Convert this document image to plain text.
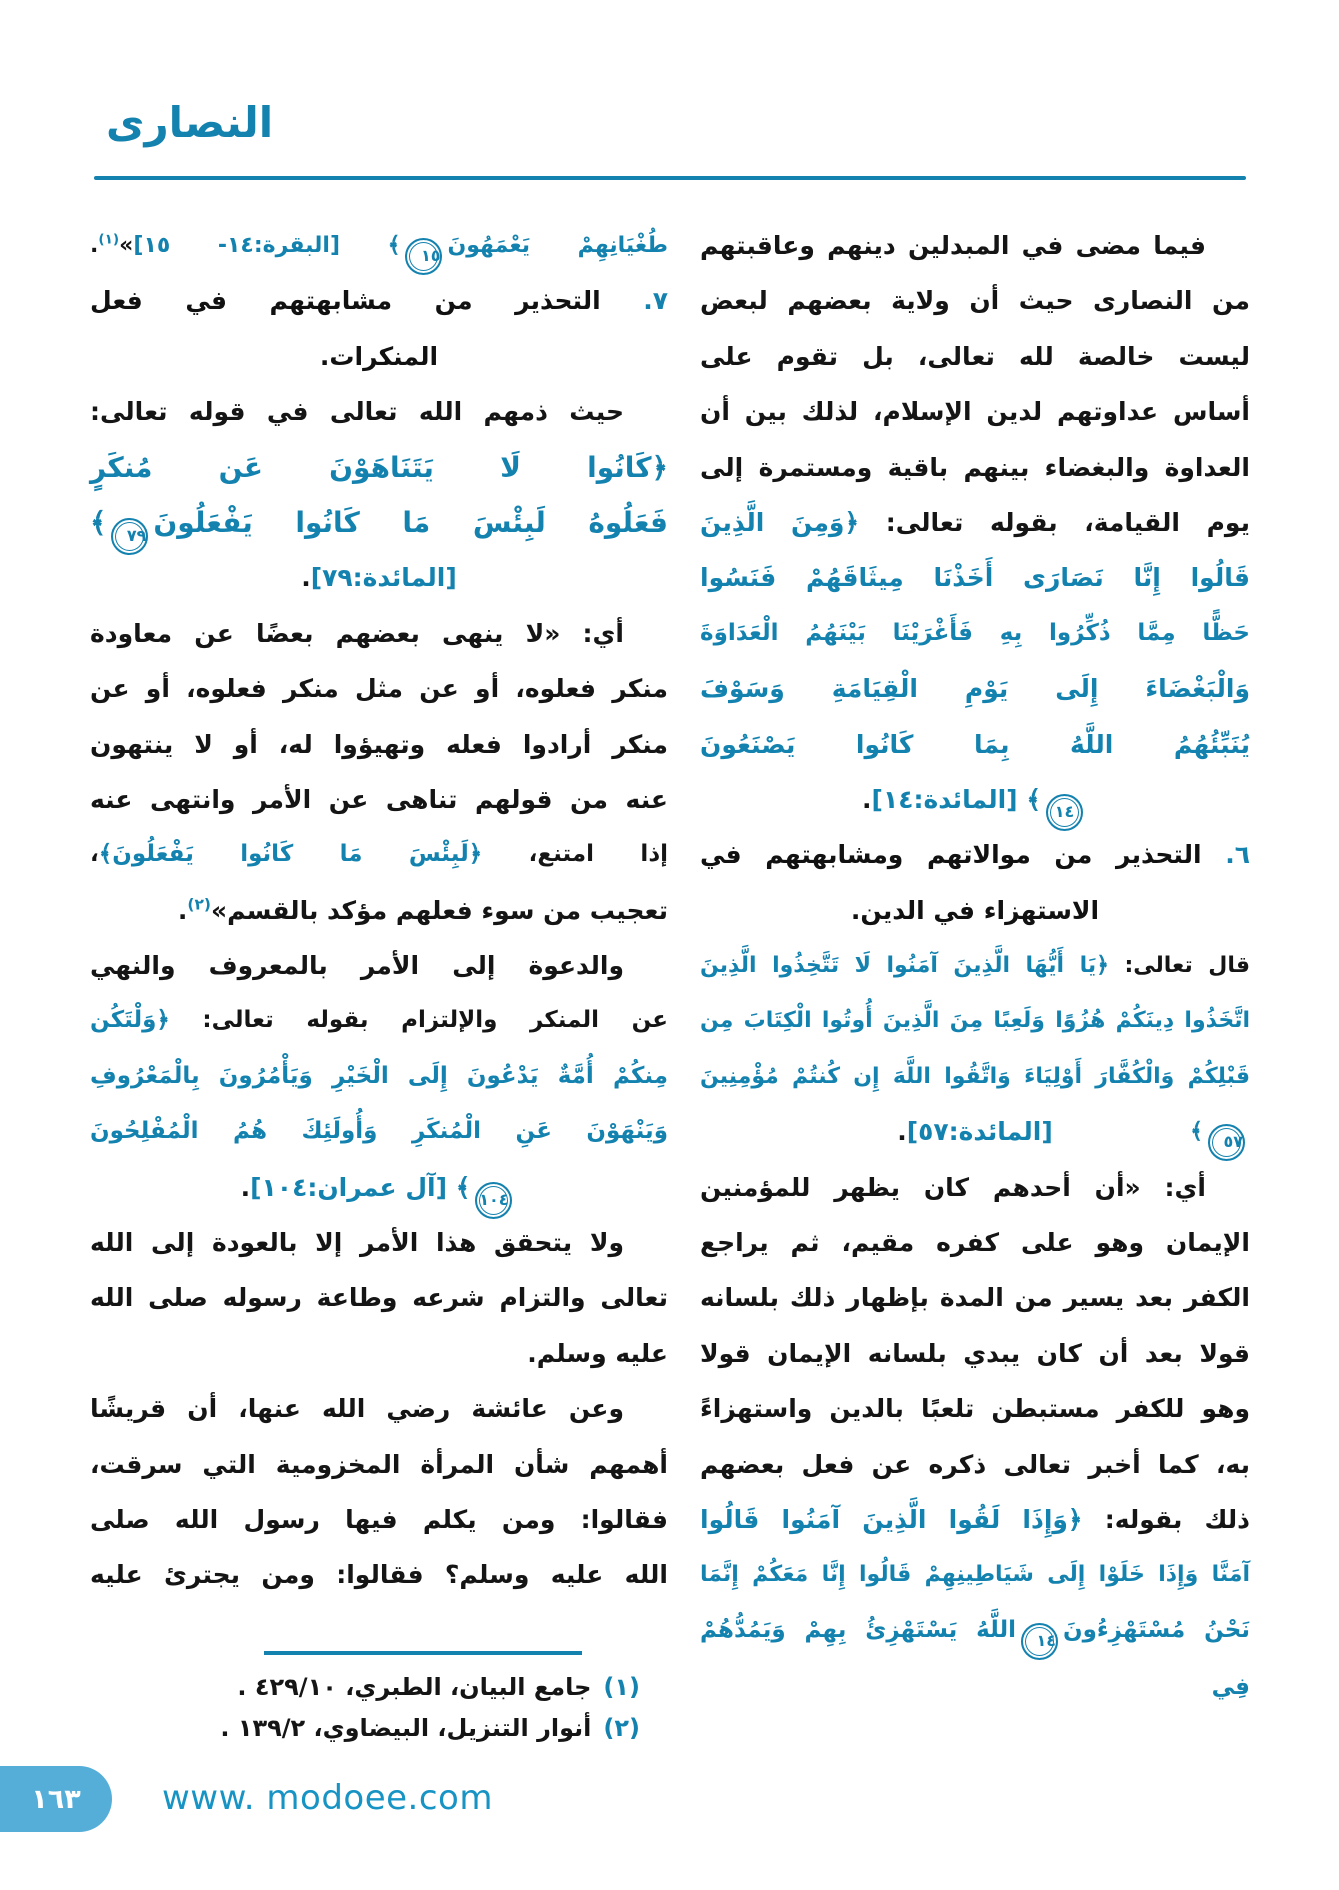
النصارى
فيما مضى في المبدلين دينهم وعاقبتهم
من النصارى حيث أن ولاية بعضهم لبعض
ليست خالصة لله تعالى، بل تقوم على
أساس عداوتهم لدين الإسلام، لذلك بين أن
العداوة والبغضاء بينهم باقية ومستمرة إلى
يوم القيامة، بقوله تعالى: ﴿وَمِنَ الَّذِينَ
قَالُوا إِنَّا نَصَارَى أَخَذْنَا مِيثَاقَهُمْ فَنَسُوا
حَظًّا مِمَّا ذُكِّرُوا بِهِ فَأَغْرَيْنَا بَيْنَهُمُ الْعَدَاوَةَ
وَالْبَغْضَاءَ إِلَى يَوْمِ الْقِيَامَةِ وَسَوْفَ
يُنَبِّئُهُمُ اللَّهُ بِمَا كَانُوا يَصْنَعُونَ
١٤﴾ [المائدة:١٤].
٦. التحذير من موالاتهم ومشابهتهم في
الاستهزاء في الدين.
قال تعالى: ﴿يَا أَيُّهَا الَّذِينَ آمَنُوا لَا تَتَّخِذُوا الَّذِينَ
اتَّخَذُوا دِينَكُمْ هُزُوًا وَلَعِبًا مِنَ الَّذِينَ أُوتُوا الْكِتَابَ مِن
قَبْلِكُمْ وَالْكُفَّارَ أَوْلِيَاءَ وَاتَّقُوا اللَّهَ إِن كُنتُمْ مُؤْمِنِينَ٥٧﴾
[المائدة:٥٧].
أي: «أن أحدهم كان يظهر للمؤمنين
الإيمان وهو على كفره مقيم، ثم يراجع
الكفر بعد يسير من المدة بإظهار ذلك بلسانه
قولا بعد أن كان يبدي بلسانه الإيمان قولا
وهو للكفر مستبطن تلعبًا بالدين واستهزاءً
به، كما أخبر تعالى ذكره عن فعل بعضهم
ذلك بقوله: ﴿وَإِذَا لَقُوا الَّذِينَ آمَنُوا قَالُوا
آمَنَّا وَإِذَا خَلَوْا إِلَى شَيَاطِينِهِمْ قَالُوا إِنَّا مَعَكُمْ إِنَّمَا
نَحْنُ مُسْتَهْزِءُونَ١٤اللَّهُ يَسْتَهْزِئُ بِهِمْ وَيَمُدُّهُمْ فِي
طُغْيَانِهِمْ يَعْمَهُونَ١٥﴾ [البقرة:١٤- ١٥]»$^{(١)}$.
٧. التحذير من مشابهتهم في فعل
المنكرات.
حيث ذمهم الله تعالى في قوله تعالى:
﴿كَانُوا لَا يَتَنَاهَوْنَ عَن مُنكَرٍ
فَعَلُوهُ لَبِئْسَ مَا كَانُوا يَفْعَلُونَ٧٩﴾
[المائدة:٧٩].
أي: «لا ينهى بعضهم بعضًا عن معاودة
منكر فعلوه، أو عن مثل منكر فعلوه، أو عن
منكر أرادوا فعله وتهيؤوا له، أو لا ينتهون
عنه من قولهم تناهى عن الأمر وانتهى عنه
إذا امتنع، ﴿لَبِئْسَ مَا كَانُوا يَفْعَلُونَ﴾،
تعجيب من سوء فعلهم مؤكد بالقسم»$^{(٢)}$.
والدعوة إلى الأمر بالمعروف والنهي
عن المنكر والإلتزام بقوله تعالى: ﴿وَلْتَكُن
مِنكُمْ أُمَّةٌ يَدْعُونَ إِلَى الْخَيْرِ وَيَأْمُرُونَ بِالْمَعْرُوفِ
وَيَنْهَوْنَ عَنِ الْمُنكَرِ وَأُولَئِكَ هُمُ الْمُفْلِحُونَ
١٠٤﴾ [آل عمران:١٠٤].
ولا يتحقق هذا الأمر إلا بالعودة إلى الله
تعالى والتزام شرعه وطاعة رسوله صلى الله
عليه وسلم.
وعن عائشة رضي الله عنها، أن قريشًا
أهمهم شأن المرأة المخزومية التي سرقت،
فقالوا: ومن يكلم فيها رسول الله صلى
الله عليه وسلم؟ فقالوا: ومن يجترئ عليه
(١)جامع البيان، الطبري، ٤٢٩/١٠ .
(٢)أنوار التنزيل، البيضاوي، ١٣٩/٢ .
١٦٣ www. modoee.com
